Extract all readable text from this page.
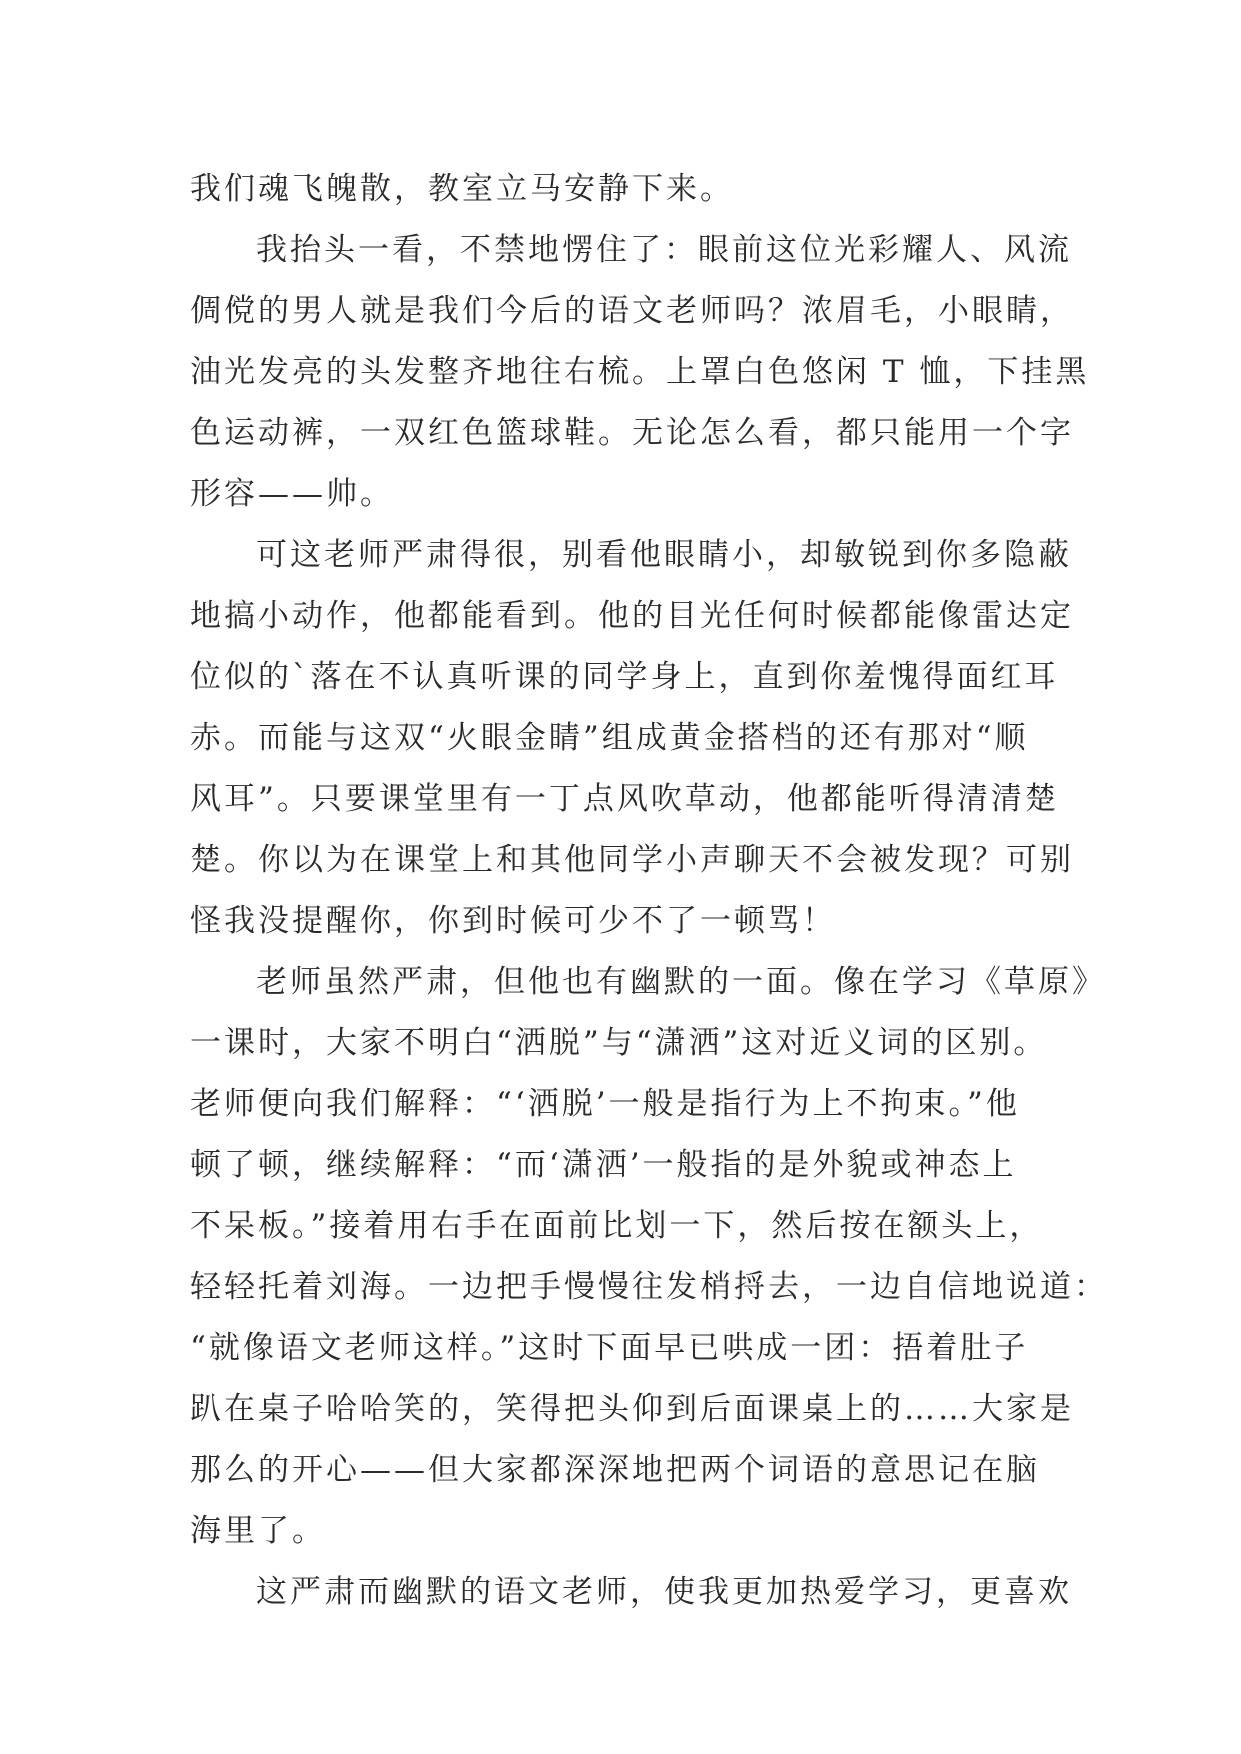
我们魂飞魄散，教室立马安静下来。

我抬头一看，不禁地愣住了：眼前这位光彩耀人、风流

倜傥的男人就是我们今后的语文老师吗？浓眉毛，小眼睛，

油光发亮的头发整齐地往右梳。上罩白色悠闲 T 恤，下挂黑

色运动裤，一双红色篮球鞋。无论怎么看，都只能用一个字

形容——帅。

可这老师严肃得很，别看他眼睛小，却敏锐到你多隐蔽

地搞小动作，他都能看到。他的目光任何时候都能像雷达定

位似的`落在不认真听课的同学身上，直到你羞愧得面红耳

赤。而能与这双“火眼金睛”组成黄金搭档的还有那对“顺

风耳”。只要课堂里有一丁点风吹草动，他都能听得清清楚

楚。你以为在课堂上和其他同学小声聊天不会被发现？可别

怪我没提醒你，你到时候可少不了一顿骂！

老师虽然严肃，但他也有幽默的一面。像在学习《草原》

一课时，大家不明白“洒脱”与“潇洒”这对近义词的区别。

老师便向我们解释：“‘洒脱’一般是指行为上不拘束。”他

顿了顿，继续解释：“而‘潇洒’一般指的是外貌或神态上

不呆板。”接着用右手在面前比划一下，然后按在额头上，

轻轻托着刘海。一边把手慢慢往发梢捋去，一边自信地说道：

“就像语文老师这样。”这时下面早已哄成一团：捂着肚子

趴在桌子哈哈笑的，笑得把头仰到后面课桌上的……大家是

那么的开心——但大家都深深地把两个词语的意思记在脑

海里了。

这严肃而幽默的语文老师，使我更加热爱学习，更喜欢
